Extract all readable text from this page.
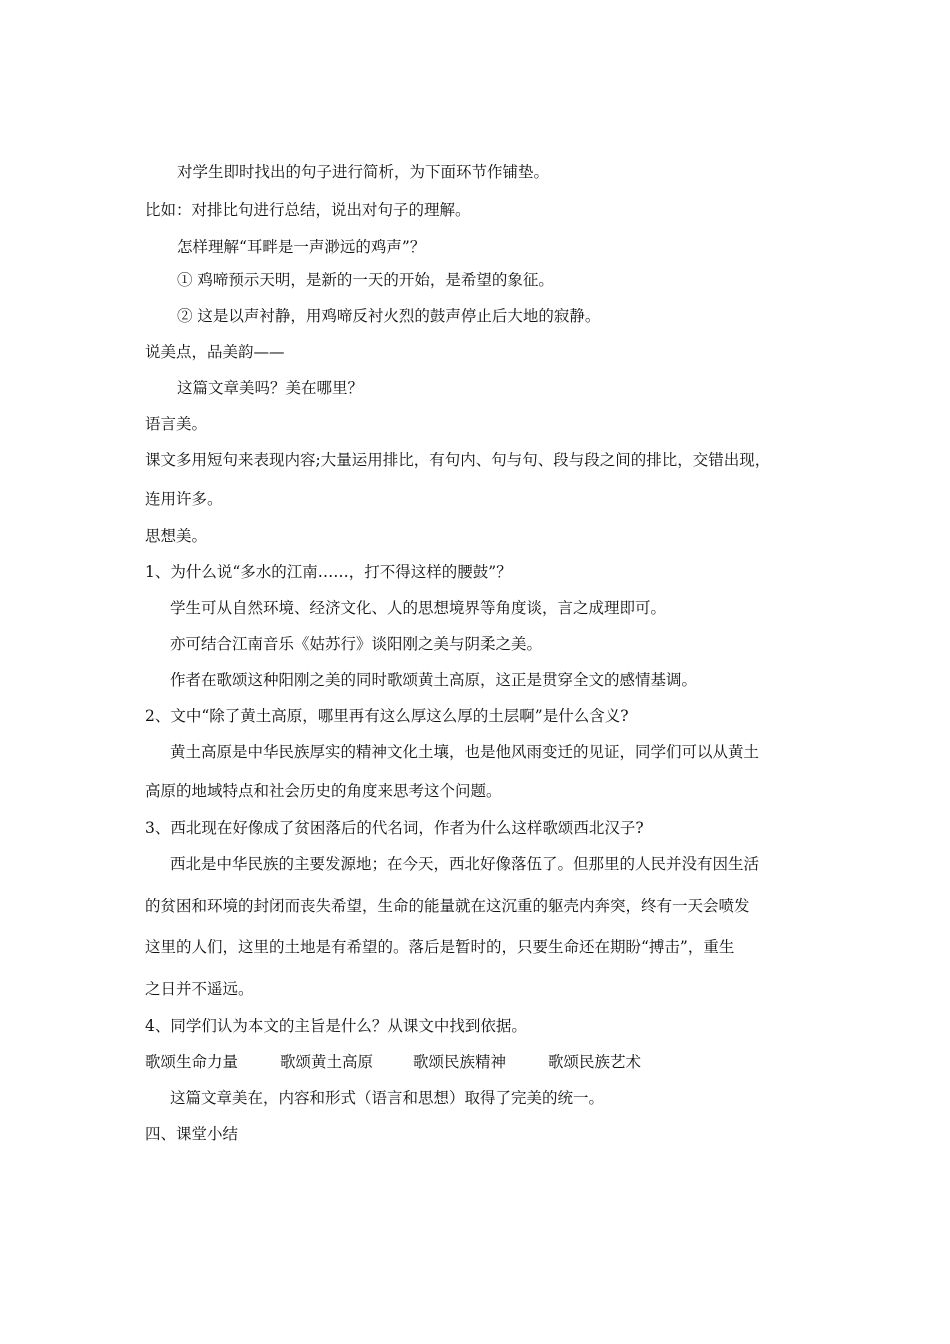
对学生即时找出的句子进行简析，为下面环节作铺垫。
比如：对排比句进行总结，说出对句子的理解。
怎样理解“耳畔是一声渺远的鸡声”？
① 鸡啼预示天明，是新的一天的开始，是希望的象征。
② 这是以声衬静，用鸡啼反衬火烈的鼓声停止后大地的寂静。
说美点，品美韵——
这篇文章美吗？美在哪里？
语言美。
课文多用短句来表现内容;大量运用排比，有句内、句与句、段与段之间的排比，交错出现，
连用许多。
思想美。
1、为什么说“多水的江南……，打不得这样的腰鼓”？
学生可从自然环境、经济文化、人的思想境界等角度谈，言之成理即可。
亦可结合江南音乐《姑苏行》谈阳刚之美与阴柔之美。
作者在歌颂这种阳刚之美的同时歌颂黄土高原，这正是贯穿全文的感情基调。
2、文中“除了黄土高原，哪里再有这么厚这么厚的土层啊”是什么含义?
黄土高原是中华民族厚实的精神文化土壤，也是他风雨变迁的见证，同学们可以从黄土
高原的地域特点和社会历史的角度来思考这个问题。
3、西北现在好像成了贫困落后的代名词，作者为什么这样歌颂西北汉子?
西北是中华民族的主要发源地；在今天，西北好像落伍了。但那里的人民并没有因生活
的贫困和环境的封闭而丧失希望，生命的能量就在这沉重的躯壳内奔突，终有一天会喷发
这里的人们，这里的土地是有希望的。落后是暂时的，只要生命还在期盼“搏击”，重生
之日并不遥远。
4、同学们认为本文的主旨是什么？从课文中找到依据。
歌颂生命力量	歌颂黄土高原	歌颂民族精神	歌颂民族艺术
这篇文章美在，内容和形式（语言和思想）取得了完美的统一。
四、课堂小结
